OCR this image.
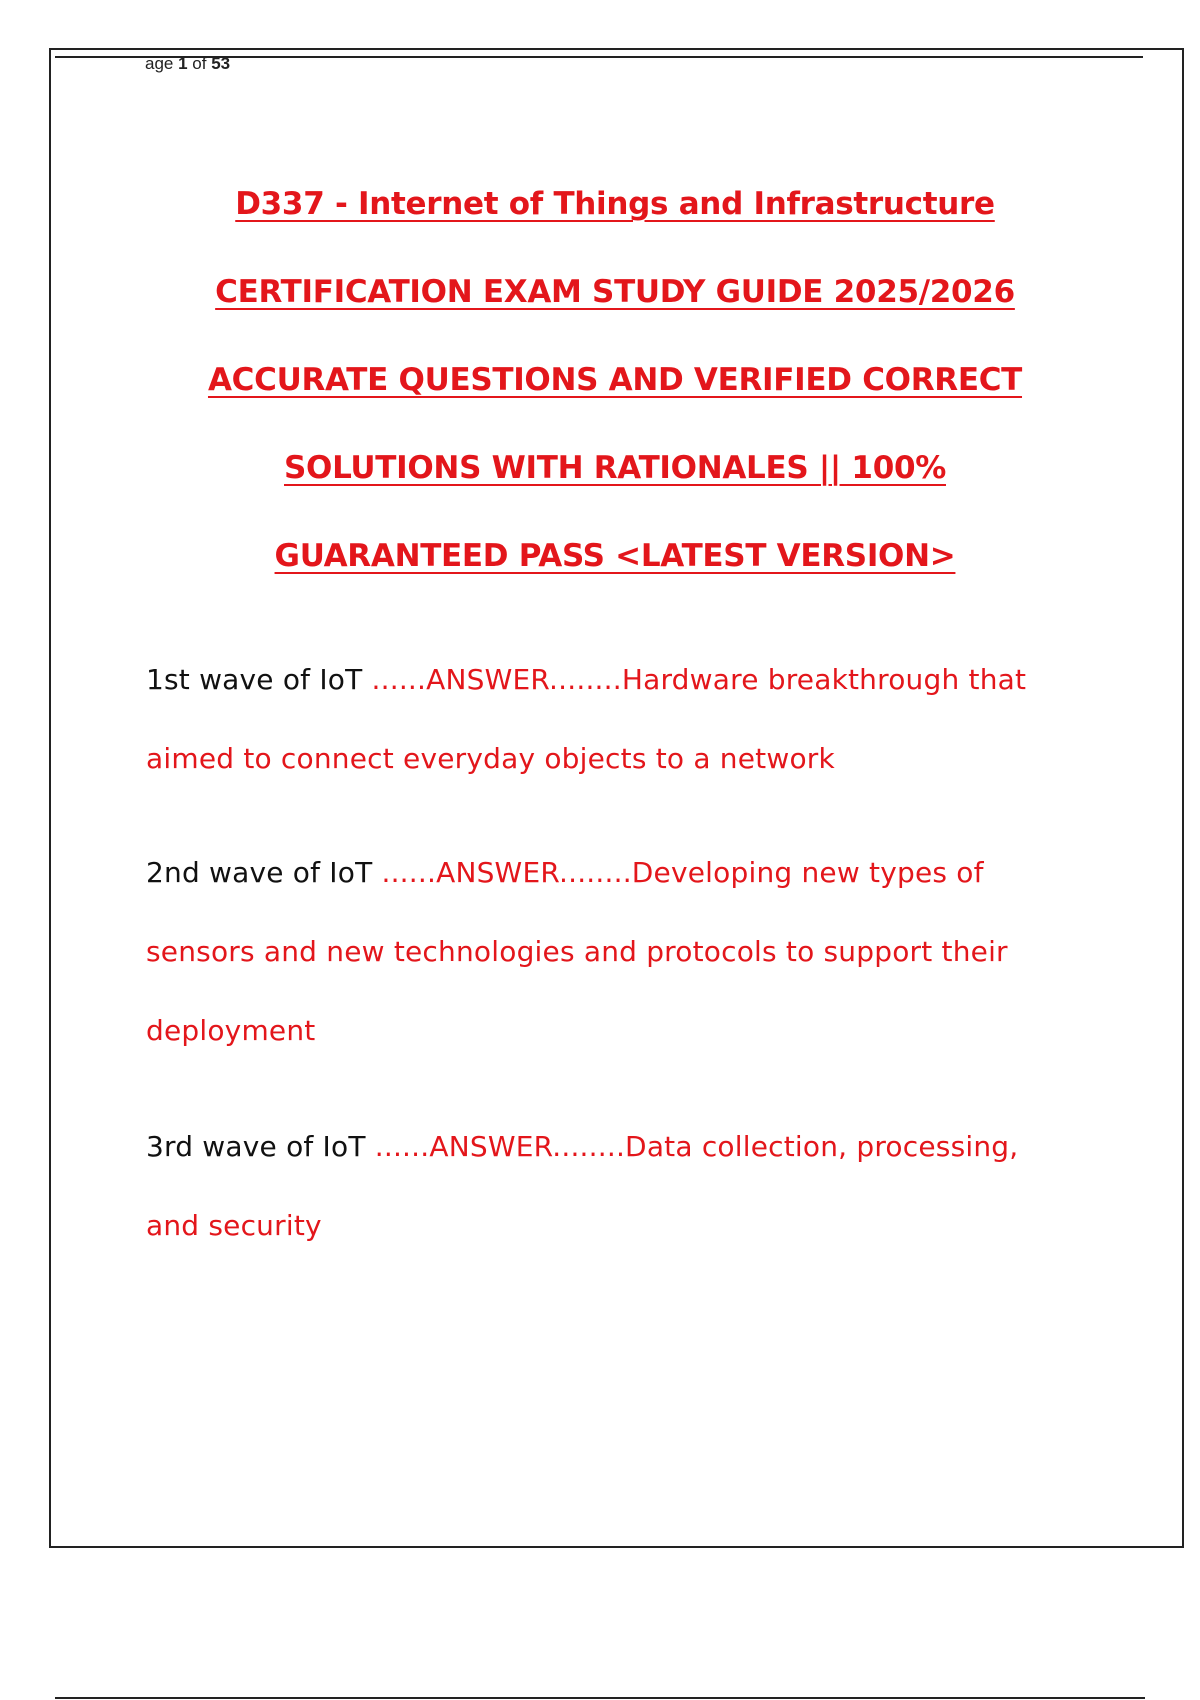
age 1 of 53
D337 - Internet of Things and Infrastructure
CERTIFICATION EXAM STUDY GUIDE 2025/2026
ACCURATE QUESTIONS AND VERIFIED CORRECT
SOLUTIONS WITH RATIONALES || 100%
GUARANTEED PASS <LATEST VERSION>
1st wave of IoT ......ANSWER........Hardware breakthrough that aimed to connect everyday objects to a network
2nd wave of IoT ......ANSWER........Developing new types of sensors and new technologies and protocols to support their deployment
3rd wave of IoT ......ANSWER........Data collection, processing, and security
